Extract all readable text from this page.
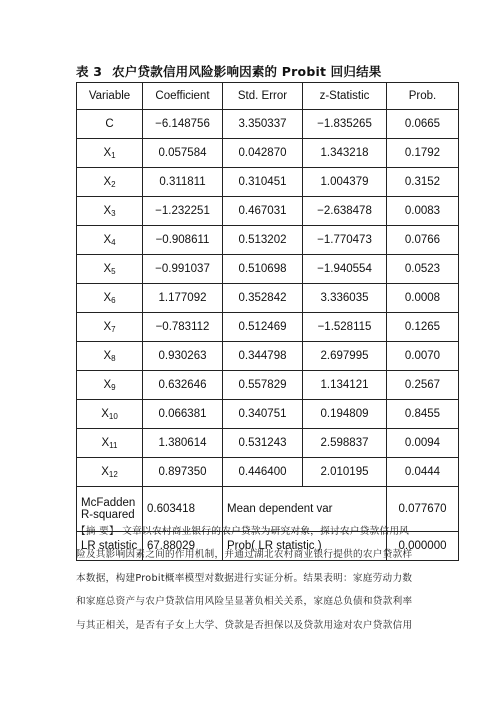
表 3 农户贷款信用风险影响因素的 Probit 回归结果
Variable	Coefficient	Std. Error	z-Statistic	Prob.
C	−6.148756	3.350337	−1.835265	0.0665
$X_1$	0.057584	0.042870	1.343218	0.1792
$X_2$	0.311811	0.310451	1.004379	0.3152
$X_3$	−1.232251	0.467031	−2.638478	0.0083
$X_4$	−0.908611	0.513202	−1.770473	0.0766
$X_5$	−0.991037	0.510698	−1.940554	0.0523
$X_6$	1.177092	0.352842	3.336035	0.0008
$X_7$	−0.783112	0.512469	−1.528115	0.1265
$X_8$	0.930263	0.344798	2.697995	0.0070
$X_9$	0.632646	0.557829	1.134121	0.2567
$X_{10}$	0.066381	0.340751	0.194809	0.8455
$X_{11}$	1.380614	0.531243	2.598837	0.0094
$X_{12}$	0.897350	0.446400	2.010195	0.0444

McFadden
R-squared	0.603418	Mean dependent var		0.077670

LR statistic	67.88029	Prob( LR statistic )		0.000000
【摘 要】 文章以农村商业银行的农户贷款为研究对象，探讨农户贷款信用风
险及其影响因素之间的作用机制，并通过湖北农村商业银行提供的农户贷款样
本数据，构建Probit概率模型对数据进行实证分析。结果表明：家庭劳动力数
和家庭总资产与农户贷款信用风险呈显著负相关关系，家庭总负债和贷款利率
与其正相关，是否有子女上大学、贷款是否担保以及贷款用途对农户贷款信用
